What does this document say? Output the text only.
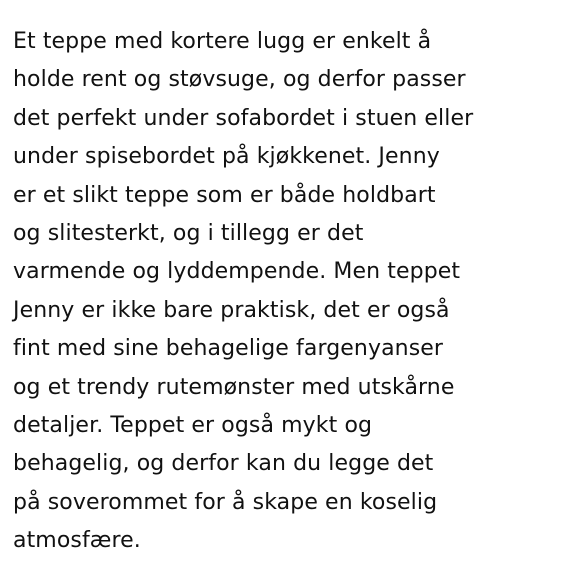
Et teppe med kortere lugg er enkelt å
holde rent og støvsuge, og derfor passer
det perfekt under sofabordet i stuen eller
under spisebordet på kjøkkenet. Jenny
er et slikt teppe som er både holdbart
og slitesterkt, og i tillegg er det
varmende og lyddempende. Men teppet
Jenny er ikke bare praktisk, det er også
fint med sine behagelige fargenyanser
og et trendy rutemønster med utskårne
detaljer. Teppet er også mykt og
behagelig, og derfor kan du legge det
på soverommet for å skape en koselig
atmosfære.
